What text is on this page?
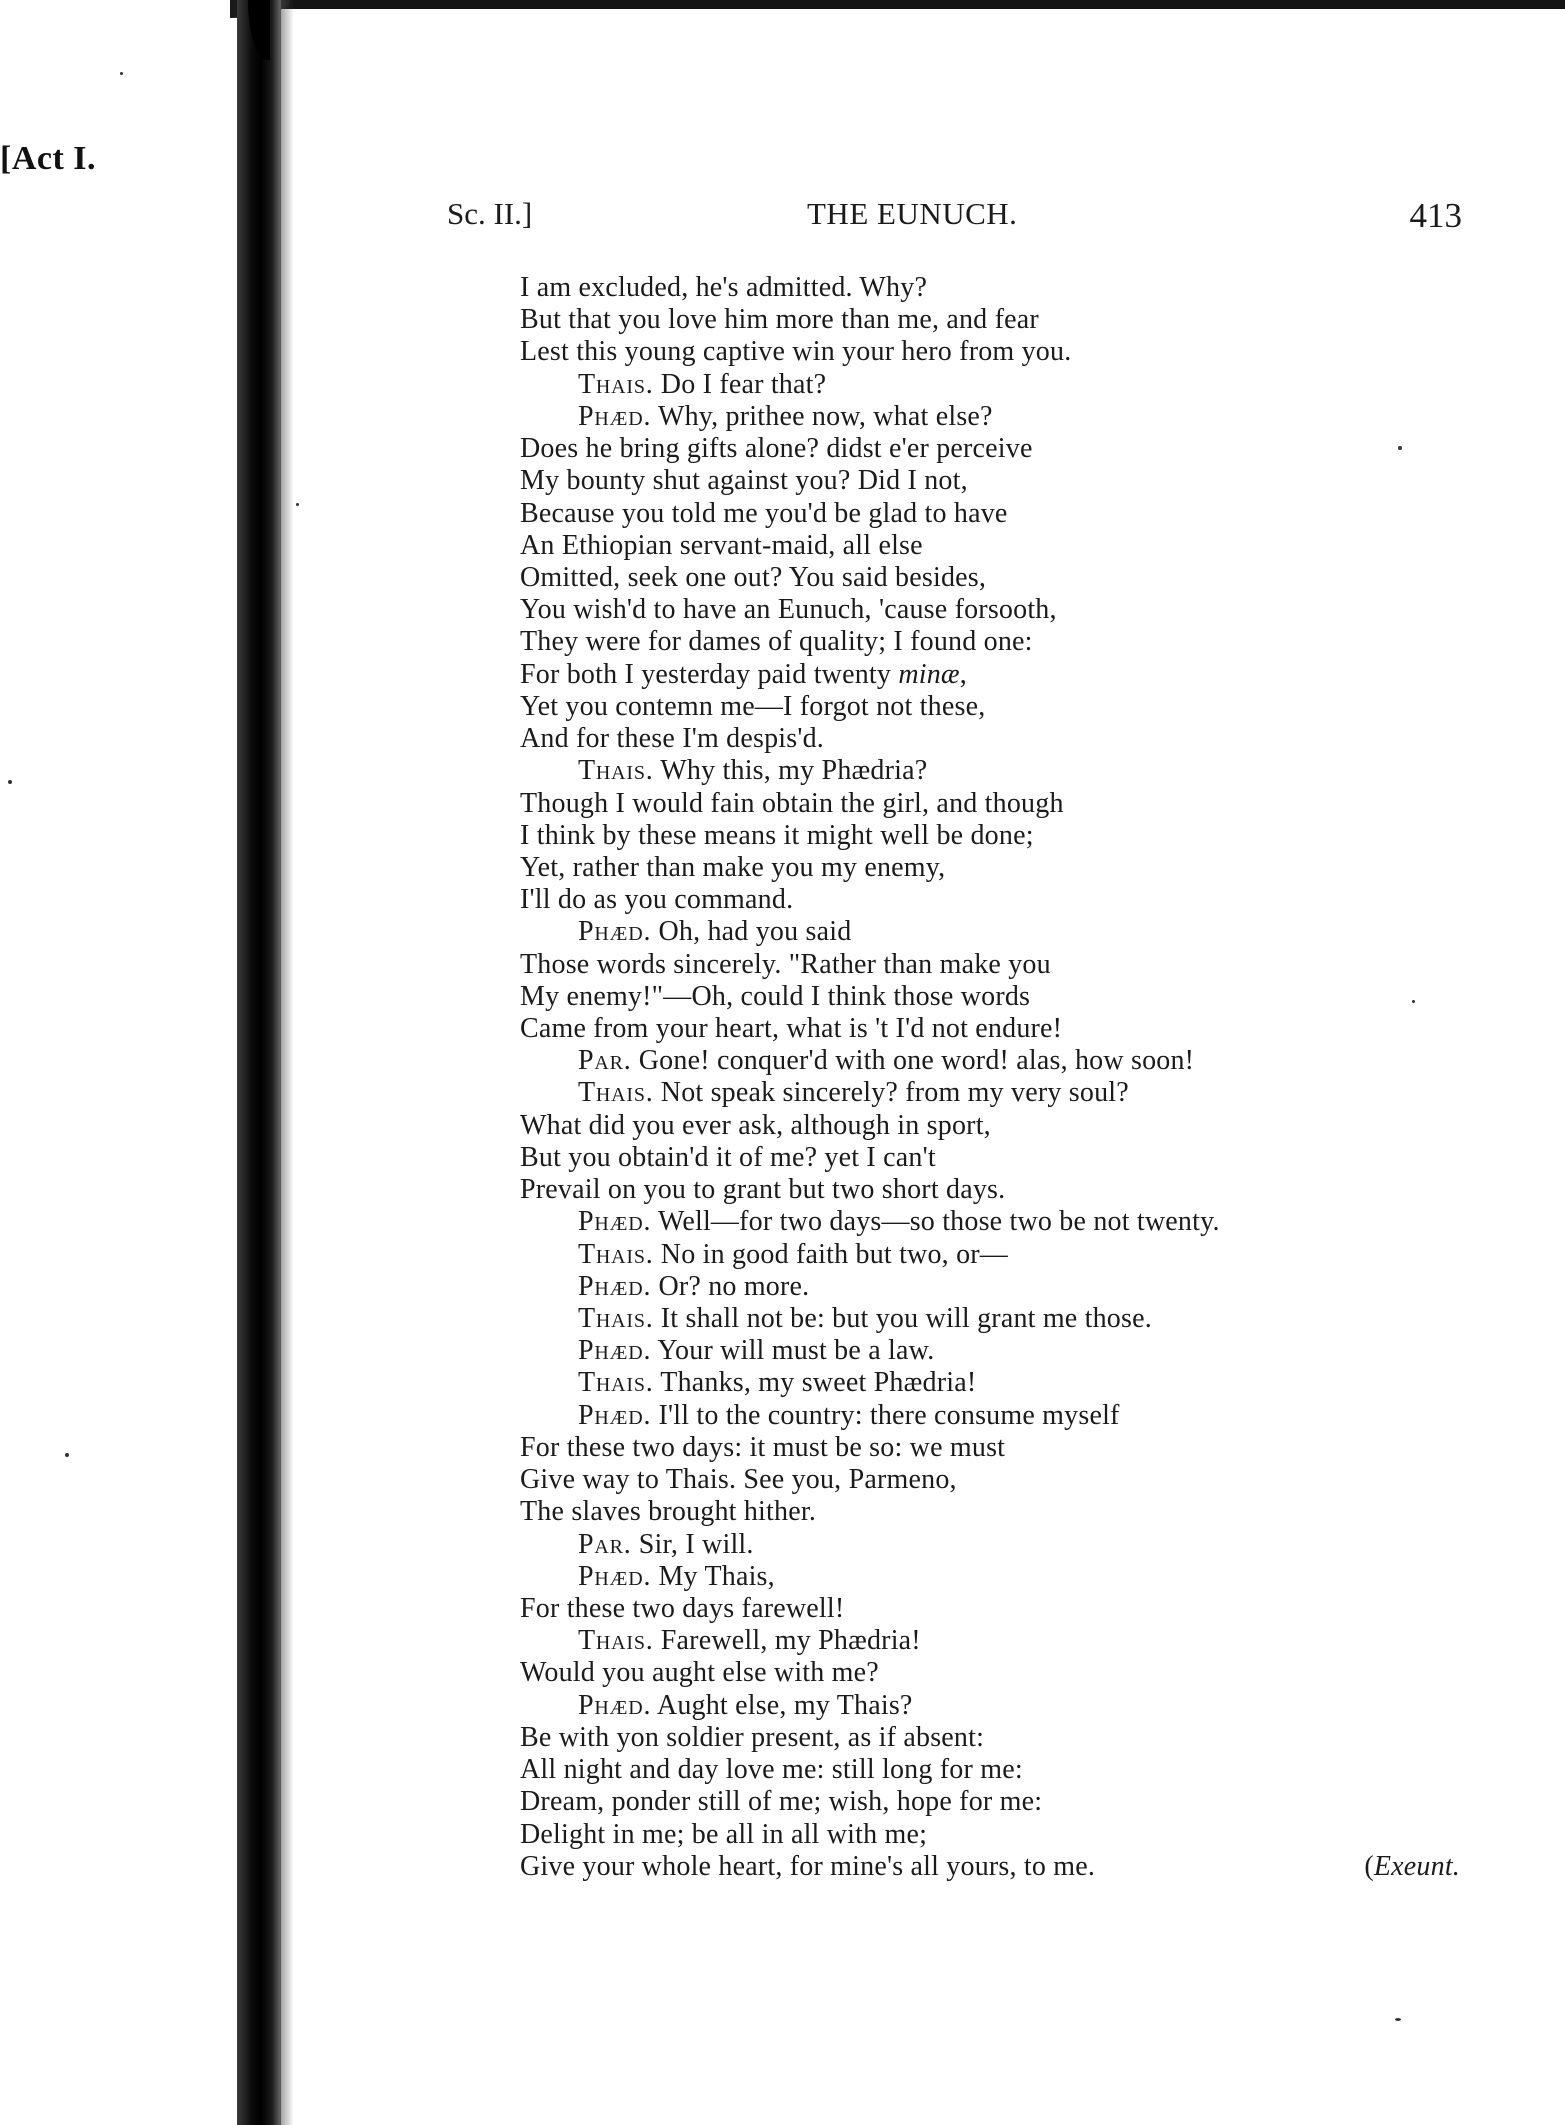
[Act I.
Sc. II.]	THE EUNUCH.	413
I am excluded, he's admitted. Why?
But that you love him more than me, and fear
Lest this young captive win your hero from you.
Thais. Do I fear that?
Phæd. Why, prithee now, what else?
Does he bring gifts alone? didst e'er perceive
My bounty shut against you? Did I not,
Because you told me you'd be glad to have
An Ethiopian servant-maid, all else
Omitted, seek one out? You said besides,
You wish'd to have an Eunuch, 'cause forsooth,
They were for dames of quality; I found one:
For both I yesterday paid twenty minæ,
Yet you contemn me—I forgot not these,
And for these I'm despis'd.
Thais. Why this, my Phædria?
Though I would fain obtain the girl, and though
I think by these means it might well be done;
Yet, rather than make you my enemy,
I'll do as you command.
Phæd. Oh, had you said
Those words sincerely. "Rather than make you
My enemy!"—Oh, could I think those words
Came from your heart, what is 't I'd not endure!
Par. Gone! conquer'd with one word! alas, how soon!
Thais. Not speak sincerely? from my very soul?
What did you ever ask, although in sport,
But you obtain'd it of me? yet I can't
Prevail on you to grant but two short days.
Phæd. Well—for two days—so those two be not twenty.
Thais. No in good faith but two, or—
Phæd. Or? no more.
Thais. It shall not be: but you will grant me those.
Phæd. Your will must be a law.
Thais. Thanks, my sweet Phædria!
Phæd. I'll to the country: there consume myself
For these two days: it must be so: we must
Give way to Thais. See you, Parmeno,
The slaves brought hither.
Par. Sir, I will.
Phæd. My Thais,
For these two days farewell!
Thais. Farewell, my Phædria!
Would you aught else with me?
Phæd. Aught else, my Thais?
Be with yon soldier present, as if absent:
All night and day love me: still long for me:
Dream, ponder still of me; wish, hope for me:
Delight in me; be all in all with me;
Give your whole heart, for mine's all yours, to me.	(Exeunt.
